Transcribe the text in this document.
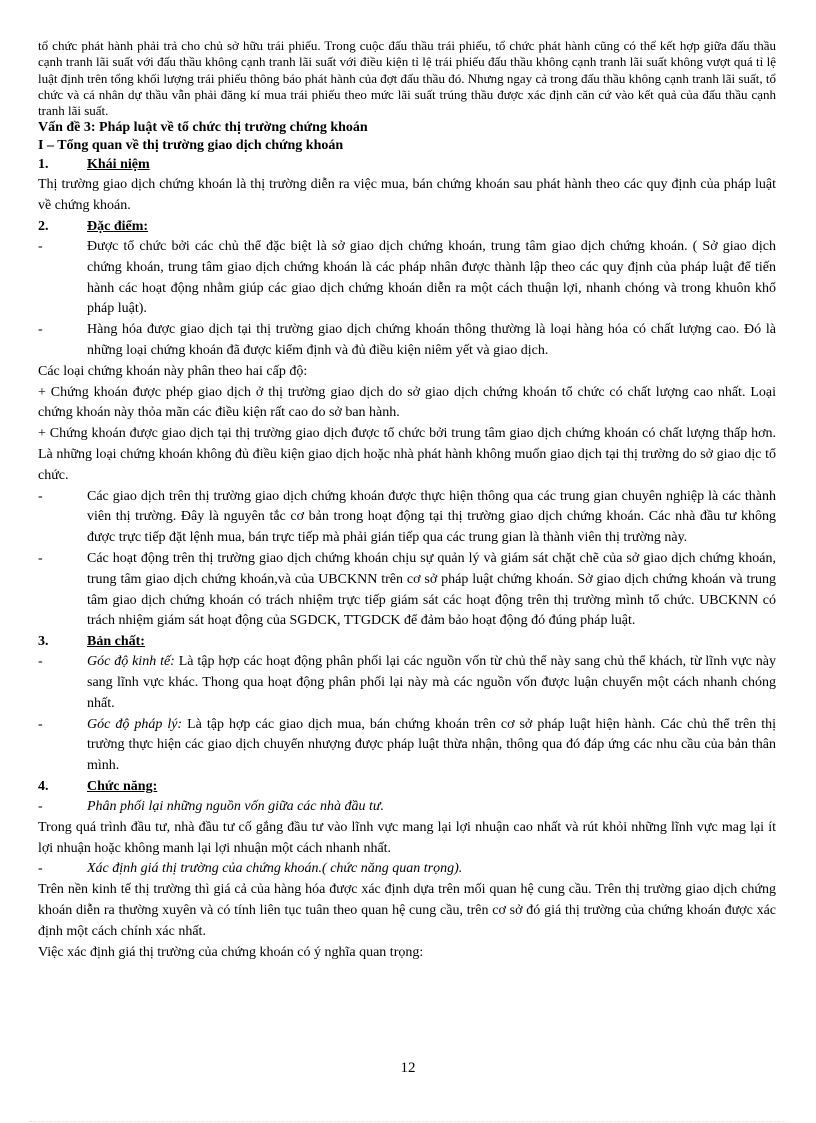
tổ chức phát hành phải trả cho chủ sở hữu trái phiếu. Trong cuộc đấu thầu trái phiếu, tổ chức phát hành cũng có thể kết hợp giữa đấu thầu cạnh tranh lãi suất với đấu thầu không cạnh tranh lãi suất với điều kiện tỉ lệ trái phiếu đấu thầu không cạnh tranh lãi suất không vượt quá tỉ lệ luật định trên tổng khối lượng trái phiếu thông báo phát hành của đợt đấu thầu đó. Nhưng ngay cả trong đấu thầu không cạnh tranh lãi suất, tổ chức và cá nhân dự thầu vẫn phải đăng kí mua trái phiếu theo mức lãi suất trúng thầu được xác định căn cứ vào kết quả của đấu thầu cạnh tranh lãi suất.

Vấn đề 3: Pháp luật về tổ chức thị trường chứng khoán

I – Tổng quan về thị trường giao dịch chứng khoán

1.	Khái niệm

Thị trường giao dịch chứng khoán là thị trường diễn ra việc mua, bán chứng khoán sau phát hành theo các quy định của pháp luật về chứng khoán.

2.	Đặc điểm:
-	Được tổ chức bởi các chủ thể đặc biệt là sở giao dịch chứng khoán, trung tâm giao dịch chứng khoán. ( Sở giao dịch chứng khoán, trung tâm giao dịch chứng khoán là các pháp nhân được thành lập theo các quy định của pháp luật để tiến hành các hoạt động nhằm giúp các giao dịch chứng khoán diễn ra một cách thuận lợi, nhanh chóng và trong khuôn khổ pháp luật).
-	Hàng hóa được giao dịch tại thị trường giao dịch chứng khoán thông thường là loại hàng hóa có chất lượng cao. Đó là những loại chứng khoán đã được kiểm định và đủ điều kiện niêm yết và giao dịch.

Các loại chứng khoán này phân theo hai cấp độ:

+ Chứng khoán được phép giao dịch ở thị trường giao dịch do sở giao dịch chứng khoán tổ chức có chất lượng cao nhất. Loại chứng khoán này thỏa mãn các điều kiện rất cao do sở ban hành.

+ Chứng khoán được giao dịch tại thị trường giao dịch được tổ chức bởi trung tâm giao dịch chứng khoán có chất lượng thấp hơn. Là những loại chứng khoán không đủ điều kiện giao dịch hoặc nhà phát hành không muốn giao dịch tại thị trường do sở giao dịc tổ chức.

-	Các giao dịch trên thị trường giao dịch chứng khoán được thực hiện thông qua các trung gian chuyên nghiệp là các thành viên thị trường. Đây là nguyên tắc cơ bản trong hoạt động tại thị trường giao dịch chứng khoán. Các nhà đầu tư không được trực tiếp đặt lệnh mua, bán trực tiếp mà phải gián tiếp qua các trung gian là thành viên thị trường này.
-	Các hoạt động trên thị trường giao dịch chứng khoán chịu sự quản lý và giám sát chặt chẽ của sở giao dịch chứng khoán, trung tâm giao dịch chứng khoán,và của UBCKNN trên cơ sở pháp luật chứng khoán. Sở giao dịch chứng khoán và trung tâm giao dịch chứng khoán có trách nhiệm trực tiếp giám sát các hoạt động trên thị trường mình tổ chức. UBCKNN có trách nhiệm giám sát hoạt động của SGDCK, TTGDCK để đảm bảo hoạt động đó đúng pháp luật.
3.	Bản chất:
-	Góc độ kinh tế: Là tập hợp các hoạt động phân phối lại các nguồn vốn từ chủ thể này sang chủ thể khách, từ lĩnh vực này sang lĩnh vực khác. Thong qua hoạt động phân phối lại này mà các nguồn vốn được luận chuyển một cách nhanh chóng nhất.
-	Góc độ pháp lý: Là tập hợp các giao dịch mua, bán chứng khoán trên cơ sở pháp luật hiện hành. Các chủ thể trên thị trường thực hiện các giao dịch chuyển nhượng được pháp luật thừa nhận, thông qua đó đáp ứng các nhu cầu của bản thân mình.
4.	Chức năng:
-	Phân phối lại những nguồn vốn giữa các nhà đầu tư.

Trong quá trình đầu tư, nhà đầu tư cố gắng đầu tư vào lĩnh vực mang lại lợi nhuận cao nhất và rút khỏi những lĩnh vực mag lại ít lợi nhuận hoặc không manh lại lợi nhuận một cách nhanh nhất.

-	Xác định giá thị trường của chứng khoán.( chức năng quan trọng).

Trên nền kinh tế thị trường thì giá cả của hàng hóa được xác định dựa trên mối quan hệ cung cầu. Trên thị trường giao dịch chứng khoán diễn ra thường xuyên và có tính liên tục tuân theo quan hệ cung cầu, trên cơ sở đó giá thị trường của chứng khoán được xác định một cách chính xác nhất.

Việc xác định giá thị trường của chứng khoán có ý nghĩa quan trọng:

12
